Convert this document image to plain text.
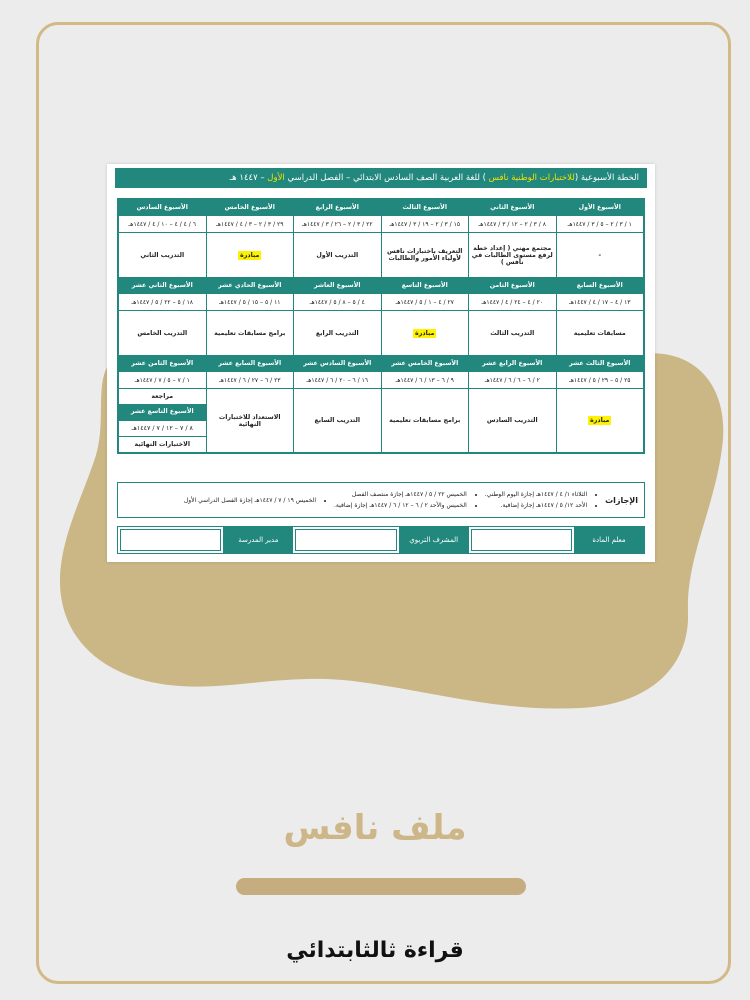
الخطة الأسبوعية (للاختبارات الوطنية نافس ) للغة العربية الصف السادس الابتدائي – الفصل الدراسي الأول – ١٤٤٧ هـ
الأسبوع الأول	الأسبوع الثاني	الأسبوع الثالث	الأسبوع الرابع	الأسبوع الخامس	الأسبوع السادس
١ / ٣ / ٢ – ٥ / ٣ / ١٤٤٧هـ	٨ / ٣ / ٢ – ١٢ / ٣ / ١٤٤٧هـ	١٥ / ٣ / ٢ – ١٩ / ٣ / ١٤٤٧هـ	٢٢ / ٣ / ٢ – ٢٦ / ٣ / ١٤٤٧هـ	٢٩ / ٣ / ٢ – ٣ / ٤ / ١٤٤٧هـ	٦ / ٤ / ٤ – ١٠ / ٤ / ١٤٤٧هـ
-	مجتمع مهني ( إعداد خطة لرفع مستوى الطالبات في نافس )	التعريف باختبارات نافس لأولياء الأمور والطالبات	التدريب الأول	مبادرة	التدريب الثاني
الأسبوع السابع	الأسبوع الثامن	الأسبوع التاسع	الأسبوع العاشر	الأسبوع الحادي عشر	الأسبوع الثاني عشر
١٣ / ٤ – ١٧ / ٤ / ١٤٤٧هـ	٢٠ / ٤ – ٢٤ / ٤ / ١٤٤٧هـ	٢٧ / ٤ – ١ / ٥ / ١٤٤٧هـ	٤ / ٥ – ٨ / ٥ / ١٤٤٧هـ	١١ / ٥ – ١٥ / ٥ / ١٤٤٧هـ	١٨ / ٥ – ٢٢ / ٥ / ١٤٤٧هـ
مسابقات تعليمية	التدريب الثالث	مبادرة	التدريب الرابع	برامج مسابقات تعليمية	التدريب الخامس
الأسبوع الثالث عشر	الأسبوع الرابع عشر	الأسبوع الخامس عشر	الأسبوع السادس عشر	الأسبوع السابع عشر	الأسبوع الثامن عشر
٢٥ / ٥ – ٢٩ / ٥ / ١٤٤٧هـ	٢ / ٦ – ٦ / ٦ / ١٤٤٧هـ	٩ / ٦ – ١٣ / ٦ / ١٤٤٧هـ	١٦ / ٦ – ٢٠ / ٦ / ١٤٤٧هـ	٢٣ / ٦ – ٢٧ / ٦ / ١٤٤٧هـ	١ / ٧ – ٥ / ٧ / ١٤٤٧هـ
مبادرة	التدريب السادس	برامج مسابقات تعليمية	التدريب السابع	الاستعداد للاختبارات النهائية	مراجعة
الأسبوع التاسع عشر
٨ / ٧ – ١٢ / ٧ / ١٤٤٧هـ
الاختبارات النهائية
الإجازات
• الثلاثاء ١/ ٤ / ١٤٤٧هـ إجازة اليوم الوطني.
• الأحد ١٢/ ٥ / ١٤٤٧هـ إجازة إضافية.
• الخميس ٢٢ / ٥ / ١٤٤٧هـ إجازة منتصف الفصل
• الخميس والأحد ٢ / ٦ – ١٢ / ٦ / ١٤٤٧هـ إجازة إضافية.
• الخميس ١٩ / ٧ / ١٤٤٧هـ إجازة الفصل الدراسي الأول
معلم المادة
المشرف التربوي
مدير المدرسة
ملف نافس
قراءة ثالثابتدائي
